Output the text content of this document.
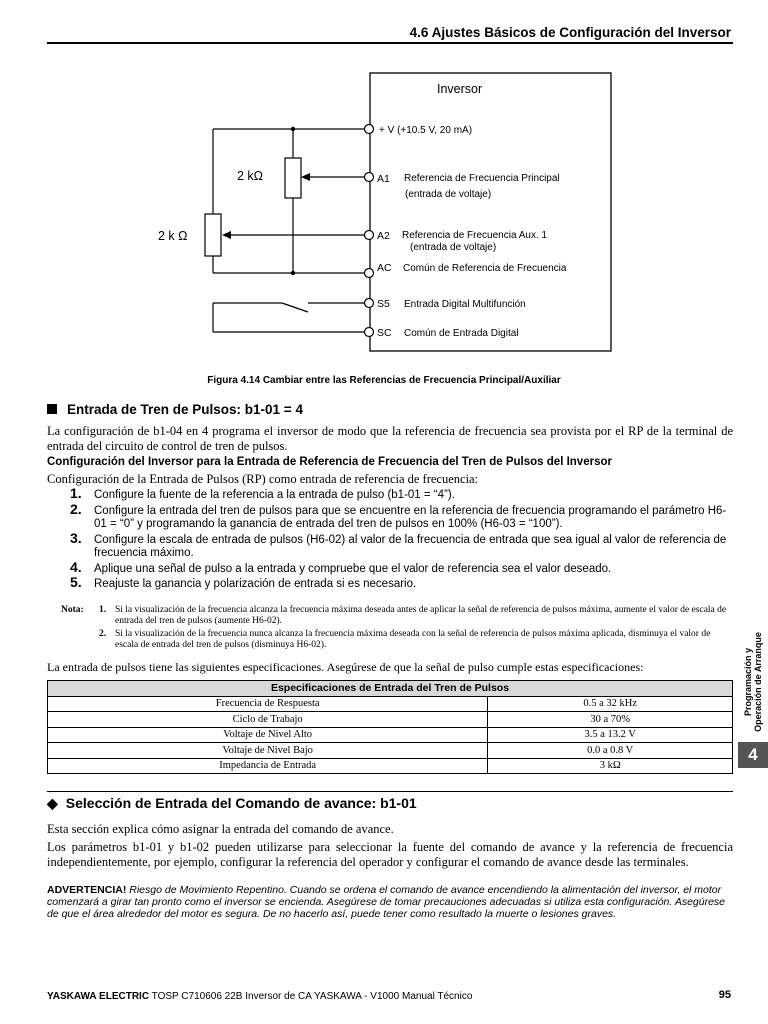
4.6 Ajustes Básicos de Configuración del Inversor
Inversor
2 kΩ
2 k Ω
+ V (+10.5 V, 20 mA)
A1 Referencia de Frecuencia Principal
(entrada de voltaje)
A2 Referencia de Frecuencia Aux. 1
(entrada de voltaje)
AC Común de Referencia de Frecuencia
S5 Entrada Digital Multifunción
SC Común de Entrada Digital
Figura 4.14 Cambiar entre las Referencias de Frecuencia Principal/Auxiliar
Entrada de Tren de Pulsos: b1-01 = 4
La configuración de b1-04 en 4 programa el inversor de modo que la referencia de frecuencia sea provista por el RP de la terminal de entrada del circuito de control de tren de pulsos.
Configuración del Inversor para la Entrada de Referencia de Frecuencia del Tren de Pulsos del Inversor
Configuración de la Entrada de Pulsos (RP) como entrada de referencia de frecuencia:
1. Configure la fuente de la referencia a la entrada de pulso (b1-01 = “4”).
2. Configure la entrada del tren de pulsos para que se encuentre en la referencia de frecuencia programando el parámetro H6-01 = “0” y programando la ganancia de entrada del tren de pulsos en 100% (H6-03 = “100”).
3. Configure la escala de entrada de pulsos (H6-02) al valor de la frecuencia de entrada que sea igual al valor de referencia de frecuencia máximo.
4. Aplique una señal de pulso a la entrada y compruebe que el valor de referencia sea el valor deseado.
5. Reajuste la ganancia y polarización de entrada si es necesario.
Nota: 1. Si la visualización de la frecuencia alcanza la frecuencia máxima deseada antes de aplicar la señal de referencia de pulsos máxima, aumente el valor de escala de entrada del tren de pulsos (aumente H6-02).
2. Si la visualización de la frecuencia nunca alcanza la frecuencia máxima deseada con la señal de referencia de pulsos máxima aplicada, disminuya el valor de escala de entrada del tren de pulsos (disminuya H6-02).
La entrada de pulsos tiene las siguientes especificaciones. Asegúrese de que la señal de pulso cumple estas especificaciones:
Especificaciones de Entrada del Tren de Pulsos	
Frecuencia de Respuesta	0.5 a 32 kHz
Ciclo de Trabajo	30 a 70%
Voltaje de Nivel Alto	3.5 a 13.2 V
Voltaje de Nivel Bajo	0.0 a 0.8 V
Impedancia de Entrada	3 kΩ
◆ Selección de Entrada del Comando de avance: b1-01
Esta sección explica cómo asignar la entrada del comando de avance.
Los parámetros b1-01 y b1-02 pueden utilizarse para seleccionar la fuente del comando de avance y la referencia de frecuencia independientemente, por ejemplo, configurar la referencia del operador y configurar el comando de avance desde las terminales.
ADVERTENCIA! Riesgo de Movimiento Repentino. Cuando se ordena el comando de avance encendiendo la alimentación del inversor, el motor comenzará a girar tan pronto como el inversor se encienda. Asegúrese de tomar precauciones adecuadas si utiliza esta configuración. Asegúrese de que el área alrededor del motor es segura. De no hacerlo así, puede tener como resultado la muerte o lesiones graves.
Programación y
Operación de Arranque
4
YASKAWA ELECTRIC TOSP C710606 22B Inversor de CA YASKAWA - V1000 Manual Técnico	95
